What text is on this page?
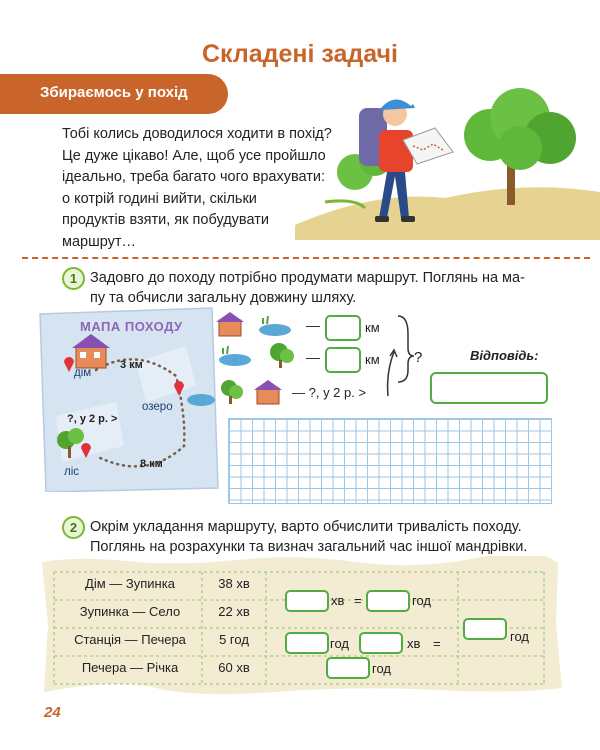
Складені задачі
Збираємось у похід
Тобі колись доводилося ходити в похід?
Це дуже цікаво! Але, щоб усе пройшло
ідеально, треба багато чого врахувати:
о котрій годині вийти, скільки
продуктів взяти, як побудувати
маршрут…
1 Задовго до походу потрібно продумати маршрут. Поглянь на ма-
пу та обчисли загальну довжину шляху.
МАПА ПОХОДУ
дім
3 км
озеро
?, у 2 р. >
8 км
ліс
—	км
—	км
— ?, у 2 р. >
?	Відповідь:
2 Окрім укладання маршруту, варто обчислити тривалість походу.
Поглянь на розрахунки та визнач загальний час іншої мандрівки.
Дім — Зупинка	38 хв
Зупинка — Село	22 хв
Станція — Печера	5 год
Печера — Річка	60 хв
хв =	год
год	хв =
год
год
24
